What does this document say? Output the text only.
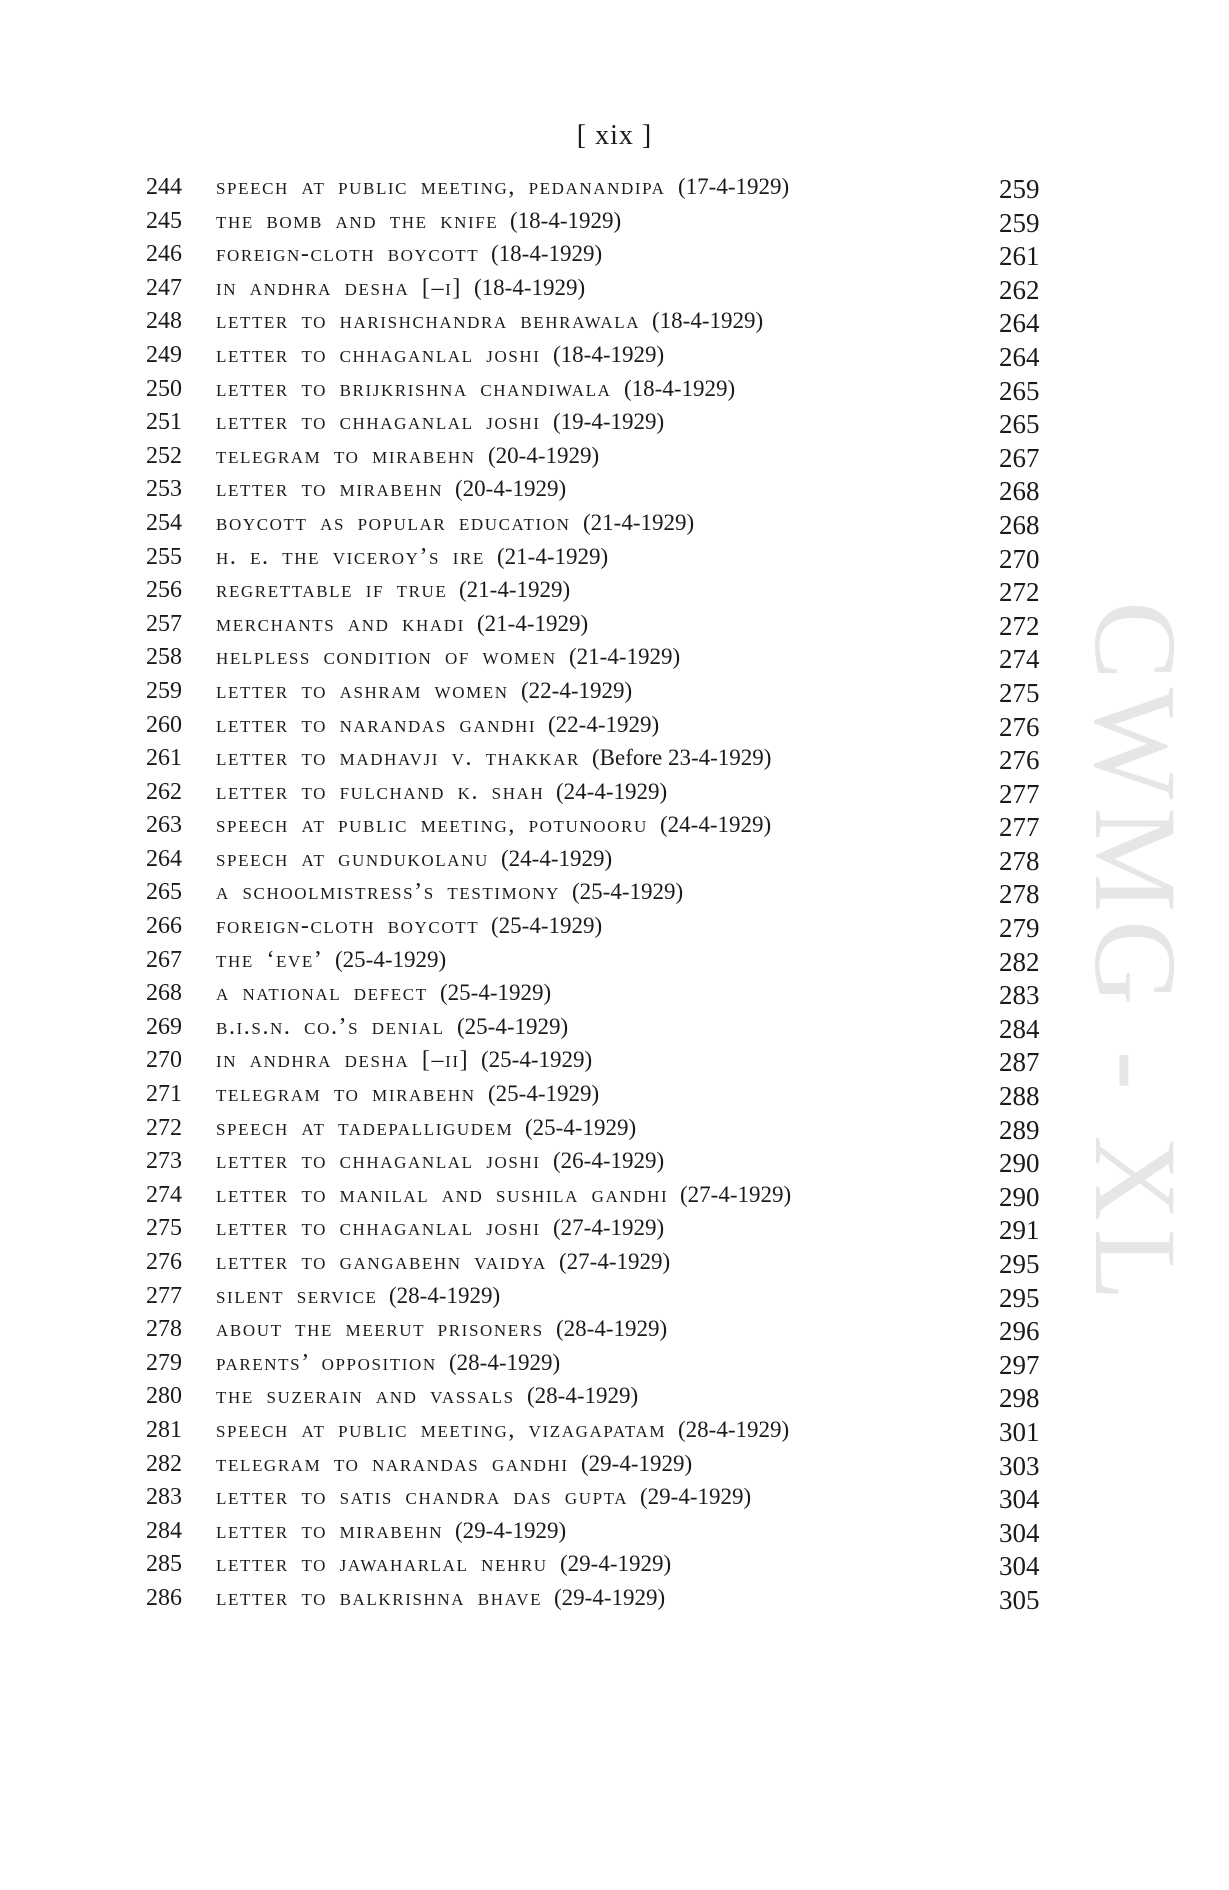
CWMG - XL
[ xix ]
244	speech at public meeting, pedanandipa (17-4-1929)	259
245	the bomb and the knife (18-4-1929)	259
246	foreign-cloth boycott (18-4-1929)	261
247	in andhra desha [–i] (18-4-1929)	262
248	letter to harishchandra behrawala (18-4-1929)	264
249	letter to chhaganlal joshi (18-4-1929)	264
250	letter to brijkrishna chandiwala (18-4-1929)	265
251	letter to chhaganlal joshi (19-4-1929)	265
252	telegram to mirabehn (20-4-1929)	267
253	letter to mirabehn (20-4-1929)	268
254	boycott as popular education (21-4-1929)	268
255	h. e. the viceroy’s ire (21-4-1929)	270
256	regrettable if true (21-4-1929)	272
257	merchants and khadi (21-4-1929)	272
258	helpless condition of women (21-4-1929)	274
259	letter to ashram women (22-4-1929)	275
260	letter to narandas gandhi (22-4-1929)	276
261	letter to madhavji v. thakkar (Before 23-4-1929)	276
262	letter to fulchand k. shah (24-4-1929)	277
263	speech at public meeting, potunooru (24-4-1929)	277
264	speech at gundukolanu (24-4-1929)	278
265	a schoolmistress’s testimony (25-4-1929)	278
266	foreign-cloth boycott (25-4-1929)	279
267	the ‘eve’ (25-4-1929)	282
268	a national defect (25-4-1929)	283
269	b.i.s.n. co.’s denial (25-4-1929)	284
270	in andhra desha [–ii] (25-4-1929)	287
271	telegram to mirabehn (25-4-1929)	288
272	speech at tadepalligudem (25-4-1929)	289
273	letter to chhaganlal joshi (26-4-1929)	290
274	letter to manilal and sushila gandhi (27-4-1929)	290
275	letter to chhaganlal joshi (27-4-1929)	291
276	letter to gangabehn vaidya (27-4-1929)	295
277	silent service (28-4-1929)	295
278	about the meerut prisoners (28-4-1929)	296
279	parents’ opposition (28-4-1929)	297
280	the suzerain and vassals (28-4-1929)	298
281	speech at public meeting, vizagapatam (28-4-1929)	301
282	telegram to narandas gandhi (29-4-1929)	303
283	letter to satis chandra das gupta (29-4-1929)	304
284	letter to mirabehn (29-4-1929)	304
285	letter to jawaharlal nehru (29-4-1929)	304
286	letter to balkrishna bhave (29-4-1929)	305
